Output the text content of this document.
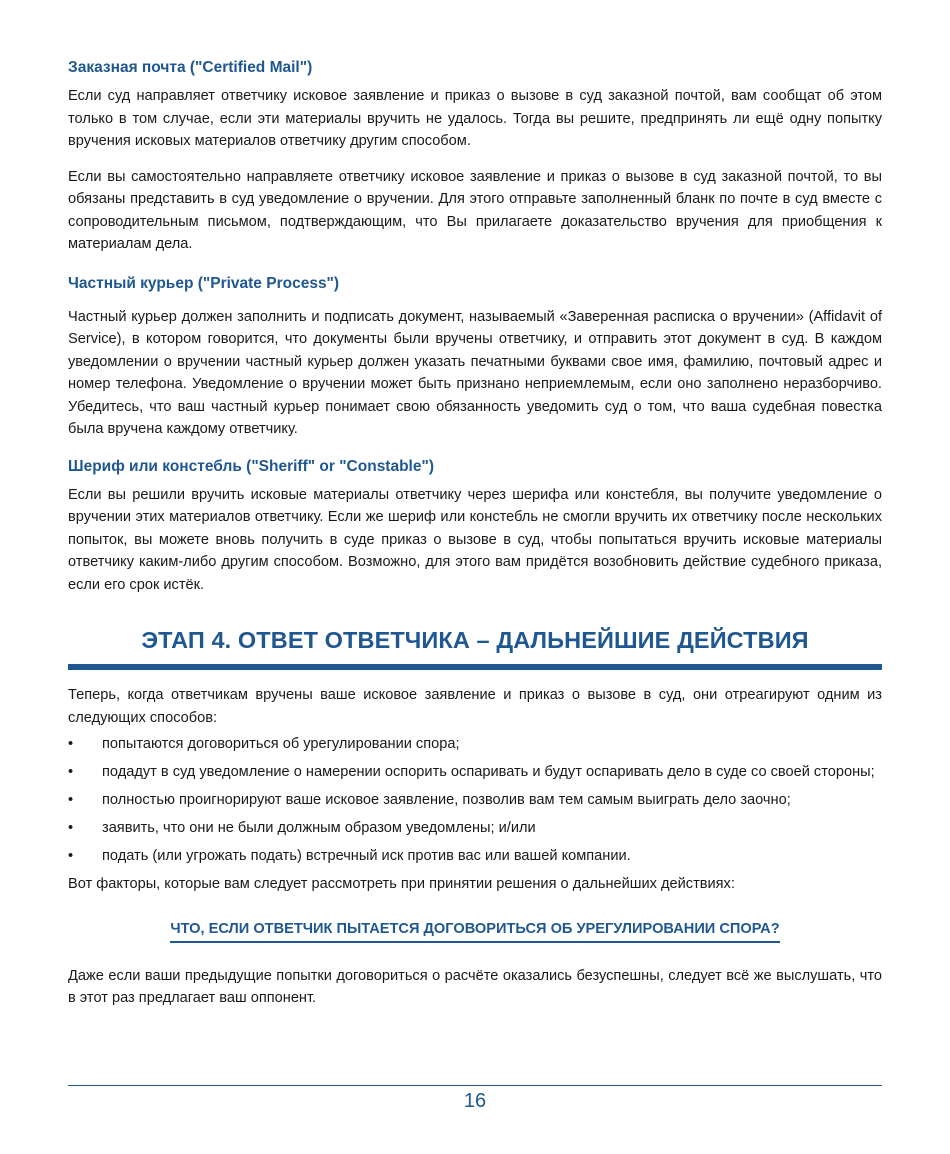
Заказная почта ("Certified Mail")

Если суд направляет ответчику исковое заявление и приказ о вызове в суд заказной почтой, вам сообщат об этом только в том случае, если эти материалы вручить не удалось. Тогда вы решите, предпринять ли ещё одну попытку вручения исковых материалов ответчику другим способом.

Если вы самостоятельно направляете ответчику исковое заявление и приказ о вызове в суд заказной почтой, то вы обязаны представить в суд уведомление о вручении. Для этого отправьте заполненный бланк по почте в суд вместе с сопроводительным письмом, подтверждающим, что Вы прилагаете доказательство вручения для приобщения к материалам дела.

Частный курьер ("Private Process")

Частный курьер должен заполнить и подписать документ, называемый «Заверенная расписка о вручении» (Affidavit of Service), в котором говорится, что документы были вручены ответчику, и отправить этот документ в суд. В каждом уведомлении о вручении частный курьер должен указать печатными буквами свое имя, фамилию, почтовый адрес и номер телефона. Уведомление о вручении может быть признано неприемлемым, если оно заполнено неразборчиво. Убедитесь, что ваш частный курьер понимает свою обязанность уведомить суд о том, что ваша судебная повестка была вручена каждому ответчику.

Шериф или констебль ("Sheriff" or "Constable")

Если вы решили вручить исковые материалы ответчику через шерифа или констебля, вы получите уведомление о вручении этих материалов ответчику. Если же шериф или констебль не смогли вручить их ответчику после нескольких попыток, вы можете вновь получить в суде приказ о вызове в суд, чтобы попытаться вручить исковые материалы ответчику каким-либо другим способом. Возможно, для этого вам придётся возобновить действие судебного приказа, если его срок истёк.

ЭТАП 4. ОТВЕТ ОТВЕТЧИКА – ДАЛЬНЕЙШИЕ ДЕЙСТВИЯ

Теперь, когда ответчикам вручены ваше исковое заявление и приказ о вызове в суд, они отреагируют одним из следующих способов:

•	попытаются договориться об урегулировании спора;
•	подадут в суд уведомление о намерении оспорить оспаривать и будут оспаривать дело в суде со своей стороны;
•	полностью проигнорируют ваше исковое заявление, позволив вам тем самым выиграть дело заочно;
•	заявить, что они не были должным образом уведомлены; и/или
•	подать (или угрожать подать) встречный иск против вас или вашей компании.

Вот факторы, которые вам следует рассмотреть при принятии решения о дальнейших действиях:

ЧТО, ЕСЛИ ОТВЕТЧИК ПЫТАЕТСЯ ДОГОВОРИТЬСЯ ОБ УРЕГУЛИРОВАНИИ СПОРА?

Даже если ваши предыдущие попытки договориться о расчёте оказались безуспешны, следует всё же выслушать, что в этот раз предлагает ваш оппонент.

16
